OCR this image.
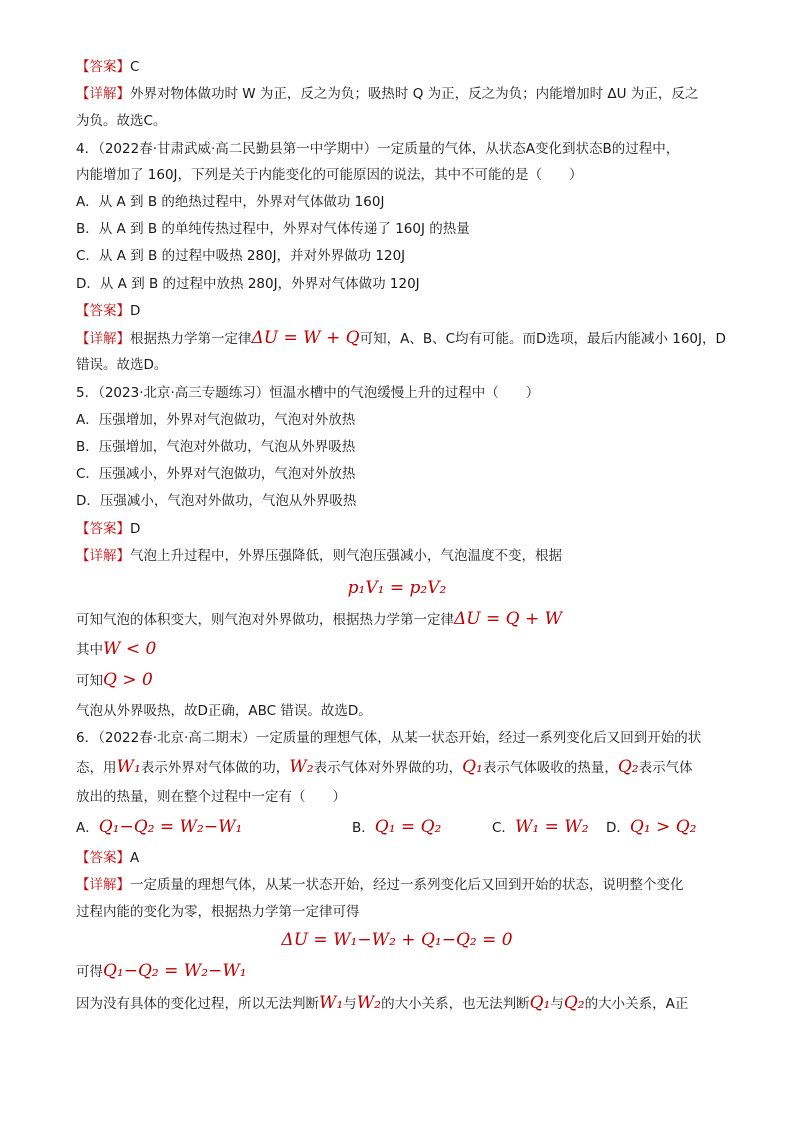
【答案】C
【详解】外界对物体做功时 W 为正，反之为负；吸热时 Q 为正，反之为负；内能增加时 ΔU 为正，反之
为负。故选C。
4．（2022春·甘肃武威·高二民勤县第一中学期中）一定质量的气体，从状态A变化到状态B的过程中，
内能增加了 160J，下列是关于内能变化的可能原因的说法，其中不可能的是（　　）
A．从 A 到 B 的绝热过程中，外界对气体做功 160J
B．从 A 到 B 的单纯传热过程中，外界对气体传递了 160J 的热量
C．从 A 到 B 的过程中吸热 280J，并对外界做功 120J
D．从 A 到 B 的过程中放热 280J，外界对气体做功 120J
【答案】D
【详解】根据热力学第一定律ΔU = W + Q可知，A、B、C均有可能。而D选项，最后内能减小 160J，D
错误。故选D。
5．（2023·北京·高三专题练习）恒温水槽中的气泡缓慢上升的过程中（　　）
A．压强增加，外界对气泡做功，气泡对外放热
B．压强增加，气泡对外做功，气泡从外界吸热
C．压强减小，外界对气泡做功，气泡对外放热
D．压强减小，气泡对外做功，气泡从外界吸热
【答案】D
【详解】气泡上升过程中，外界压强降低，则气泡压强减小，气泡温度不变，根据
p₁V₁ = p₂V₂
可知气泡的体积变大，则气泡对外界做功，根据热力学第一定律ΔU = Q + W
其中W < 0
可知Q > 0
气泡从外界吸热，故D正确，ABC 错误。故选D。
6．（2022春·北京·高二期末）一定质量的理想气体，从某一状态开始，经过一系列变化后又回到开始的状
态，用W₁表示外界对气体做的功，W₂表示气体对外界做的功，Q₁表示气体吸收的热量，Q₂表示气体
放出的热量，则在整个过程中一定有（　　）
A．Q₁−Q₂ = W₂−W₁	B．Q₁ = Q₂	C．W₁ = W₂ D．Q₁ > Q₂
【答案】A
【详解】一定质量的理想气体，从某一状态开始，经过一系列变化后又回到开始的状态，说明整个变化
过程内能的变化为零，根据热力学第一定律可得
ΔU = W₁−W₂ + Q₁−Q₂ = 0
可得Q₁−Q₂ = W₂−W₁
因为没有具体的变化过程，所以无法判断W₁与W₂的大小关系，也无法判断Q₁与Q₂的大小关系，A正
